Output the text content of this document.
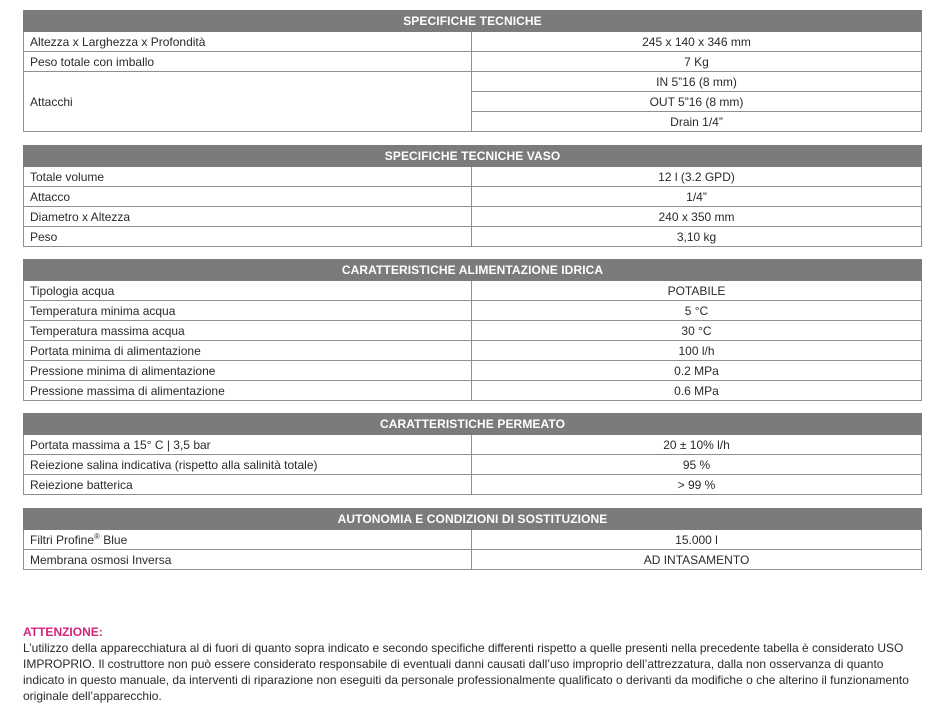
SPECIFICHE TECNICHE	
Altezza x Larghezza x Profondità	245 x 140 x 346 mm
Peso totale con imballo	7 Kg
Attacchi	IN 5”16 (8 mm)
	OUT 5”16 (8 mm)
	Drain 1/4”
SPECIFICHE TECNICHE VASO	
Totale volume	12 l (3.2 GPD)
Attacco	1/4”
Diametro x Altezza	240 x 350 mm
Peso	3,10 kg
CARATTERISTICHE ALIMENTAZIONE IDRICA	
Tipologia acqua	POTABILE
Temperatura minima acqua	5 °C
Temperatura massima acqua	30 °C
Portata minima di alimentazione	100 l/h
Pressione minima di alimentazione	0.2 MPa
Pressione massima di alimentazione	0.6 MPa
CARATTERISTICHE PERMEATO	
Portata massima a 15° C | 3,5 bar	20 ± 10% l/h
Reiezione salina indicativa (rispetto alla salinità totale)	95 %
Reiezione batterica	> 99 %
AUTONOMIA E CONDIZIONI DI SOSTITUZIONE	
Filtri Profine® Blue	15.000 l
Membrana osmosi Inversa	AD INTASAMENTO
ATTENZIONE:
L’utilizzo della apparecchiatura al di fuori di quanto sopra indicato e secondo specifiche differenti rispetto a quelle presenti nella precedente tabella è considerato USO IMPROPRIO. Il costruttore non può essere considerato responsabile di eventuali danni causati dall’uso improprio dell’attrezzatura, dalla non osservanza di quanto indicato in questo manuale, da interventi di riparazione non eseguiti da personale professionalmente qualificato o derivanti da modifiche o che alterino il funzionamento originale dell’apparecchio.
